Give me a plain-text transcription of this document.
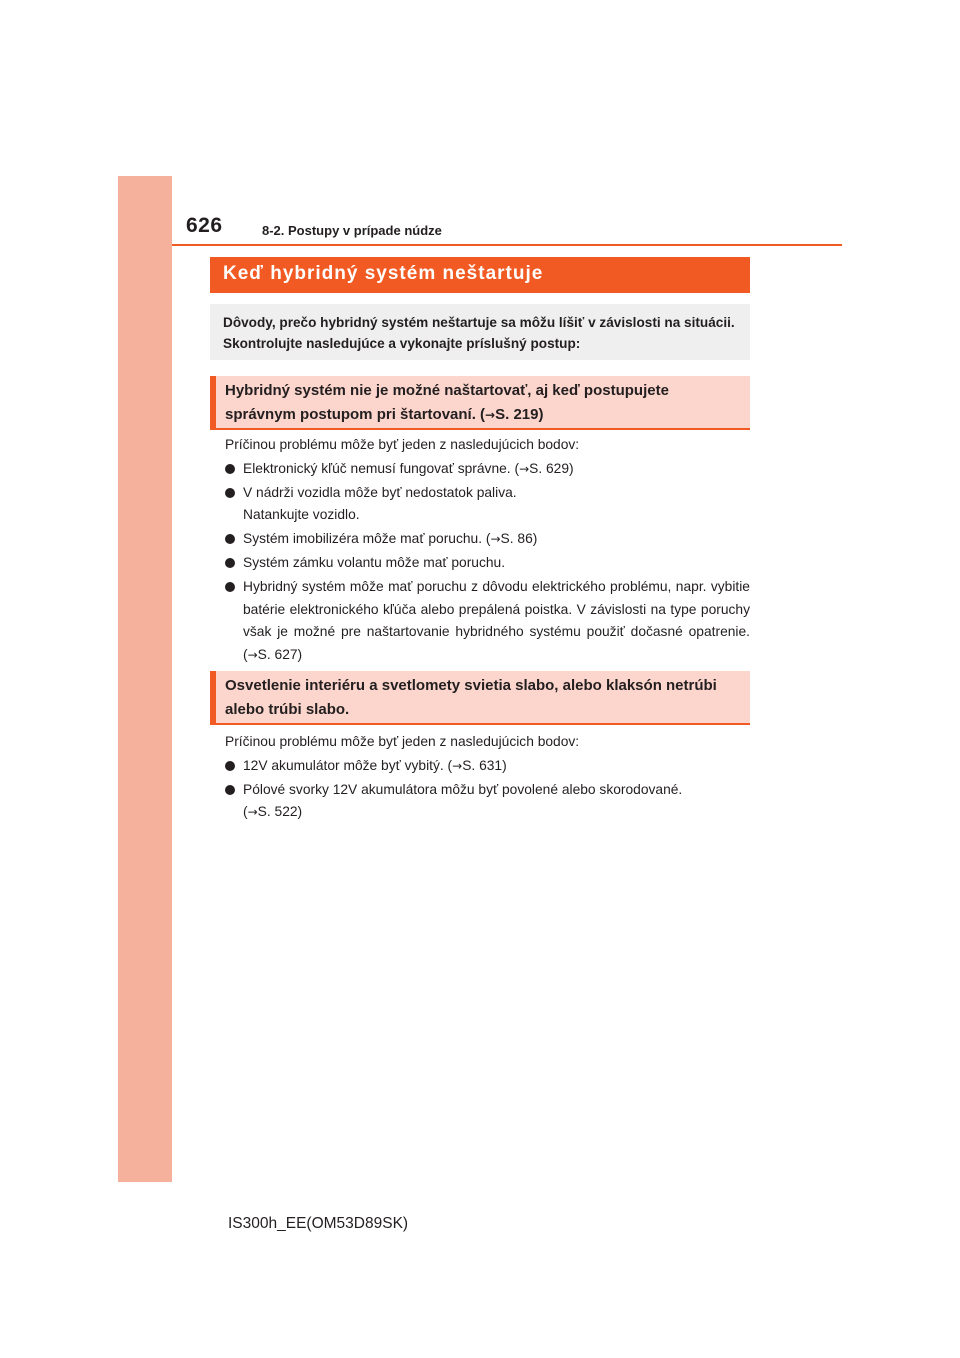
626	8-2. Postupy v prípade núdze
Keď hybridný systém neštartuje
Dôvody, prečo hybridný systém neštartuje sa môžu líšiť v závislosti na situácii.
Skontrolujte nasledujúce a vykonajte príslušný postup:
Hybridný systém nie je možné naštartovať, aj keď postupujete
správnym postupom pri štartovaní. (→S. 219)
Príčinou problému môže byť jeden z nasledujúcich bodov:
Elektronický kľúč nemusí fungovať správne. (→S. 629)
V nádrži vozidla môže byť nedostatok paliva.
Natankujte vozidlo.
Systém imobilizéra môže mať poruchu. (→S. 86)
Systém zámku volantu môže mať poruchu.
Hybridný systém môže mať poruchu z dôvodu elektrického problému, napr. vybitie batérie elektronického kľúča alebo prepálená poistka. V závislosti na type poruchy však je možné pre naštartovanie hybridného systému použiť dočasné opatrenie. (→S. 627)
Osvetlenie interiéru a svetlomety svietia slabo, alebo klaksón netrúbi
alebo trúbi slabo.
Príčinou problému môže byť jeden z nasledujúcich bodov:
12V akumulátor môže byť vybitý. (→S. 631)
Pólové svorky 12V akumulátora môžu byť povolené alebo skorodované.
(→S. 522)
IS300h_EE(OM53D89SK)
